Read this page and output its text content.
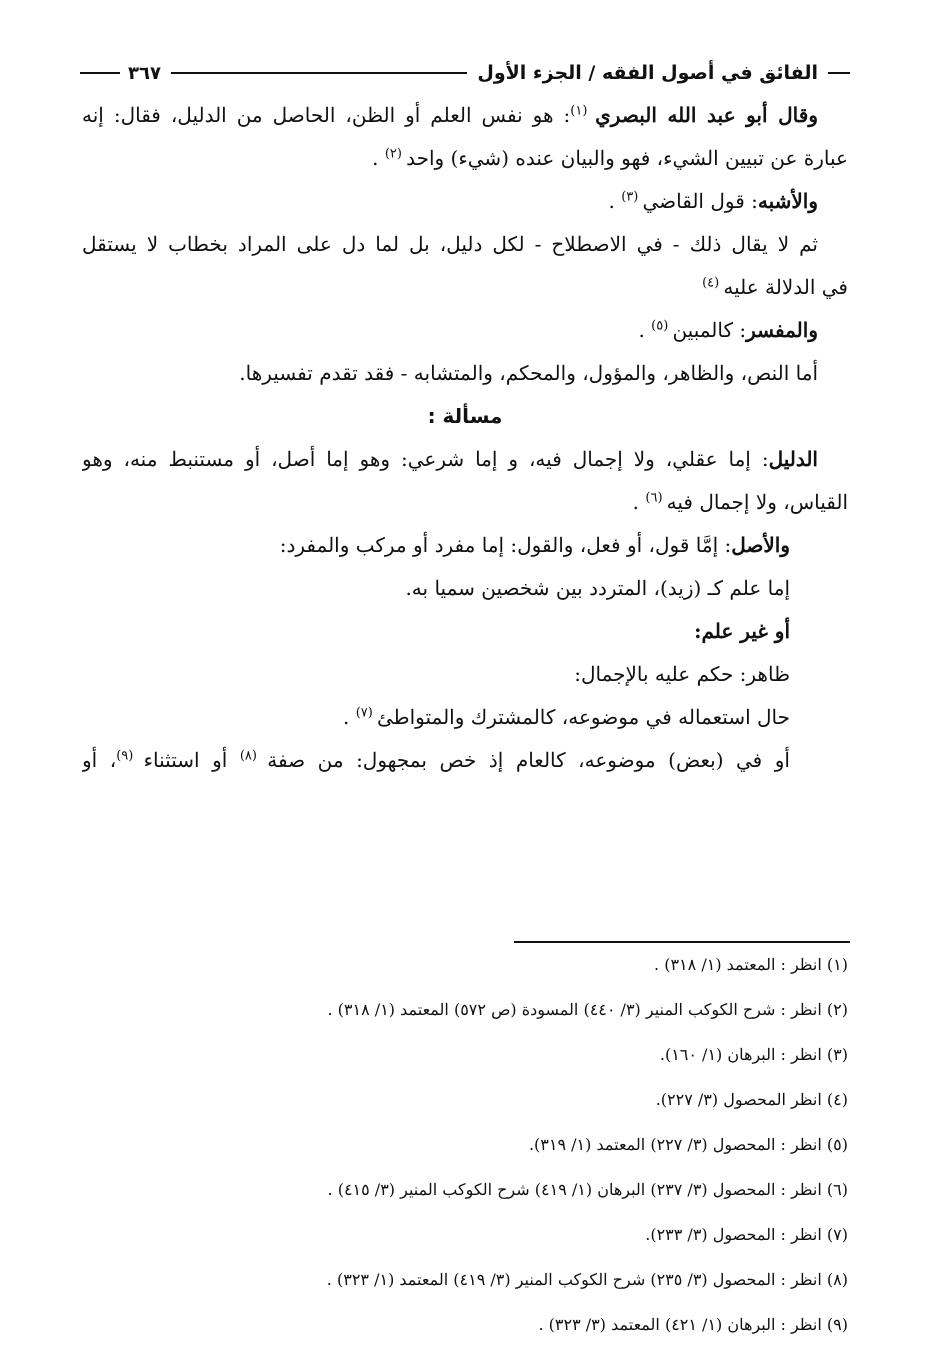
الفائق في أصول الفقه / الجزء الأول
٣٦٧
وقال أبو عبد الله البصري $^{(١)}$: هو نفس العلم أو الظن، الحاصل من الدليل، فقال: إنه
عبارة عن تبيين الشيء، فهو والبيان عنده (شيء) واحد $^{(٢)}$ .
والأشبه: قول القاضي $^{(٣)}$ .
ثم لا يقال ذلك - في الاصطلاح - لكل دليل، بل لما دل على المراد بخطاب لا يستقل
في الدلالة عليه $^{(٤)}$
والمفسر: كالمبين $^{(٥)}$ .
أما النص، والظاهر، والمؤول، والمحكم، والمتشابه - فقد تقدم تفسيرها.
مسألة :
الدليل: إما عقلي، ولا إجمال فيه، و إما شرعي: وهو إما أصل، أو مستنبط منه، وهو
القياس، ولا إجمال فيه $^{(٦)}$ .
والأصل: إمَّا قول، أو فعل، والقول: إما مفرد أو مركب والمفرد:
إما علم كـ (زيد)، المتردد بين شخصين سميا به.
أو غير علم:
ظاهر: حكم عليه بالإجمال:
حال استعماله في موضوعه، كالمشترك والمتواطئ $^{(٧)}$ .
أو في (بعض) موضوعه، كالعام إذ خص بمجهول: من صفة $^{(٨)}$ أو استثناء $^{(٩)}$، أو
(١) انظر : المعتمد (١/ ٣١٨) .
(٢) انظر : شرح الكوكب المنير (٣/ ٤٤٠) المسودة (ص ٥٧٢) المعتمد (١/ ٣١٨) .
(٣) انظر : البرهان (١/ ١٦٠).
(٤) انظر المحصول (٣/ ٢٢٧).
(٥) انظر : المحصول (٣/ ٢٢٧) المعتمد (١/ ٣١٩).
(٦) انظر : المحصول (٣/ ٢٣٧) البرهان (١/ ٤١٩) شرح الكوكب المنير (٣/ ٤١٥) .
(٧) انظر : المحصول (٣/ ٢٣٣).
(٨) انظر : المحصول (٣/ ٢٣٥) شرح الكوكب المنير (٣/ ٤١٩) المعتمد (١/ ٣٢٣) .
(٩) انظر : البرهان (١/ ٤٢١) المعتمد (٣/ ٣٢٣) .
